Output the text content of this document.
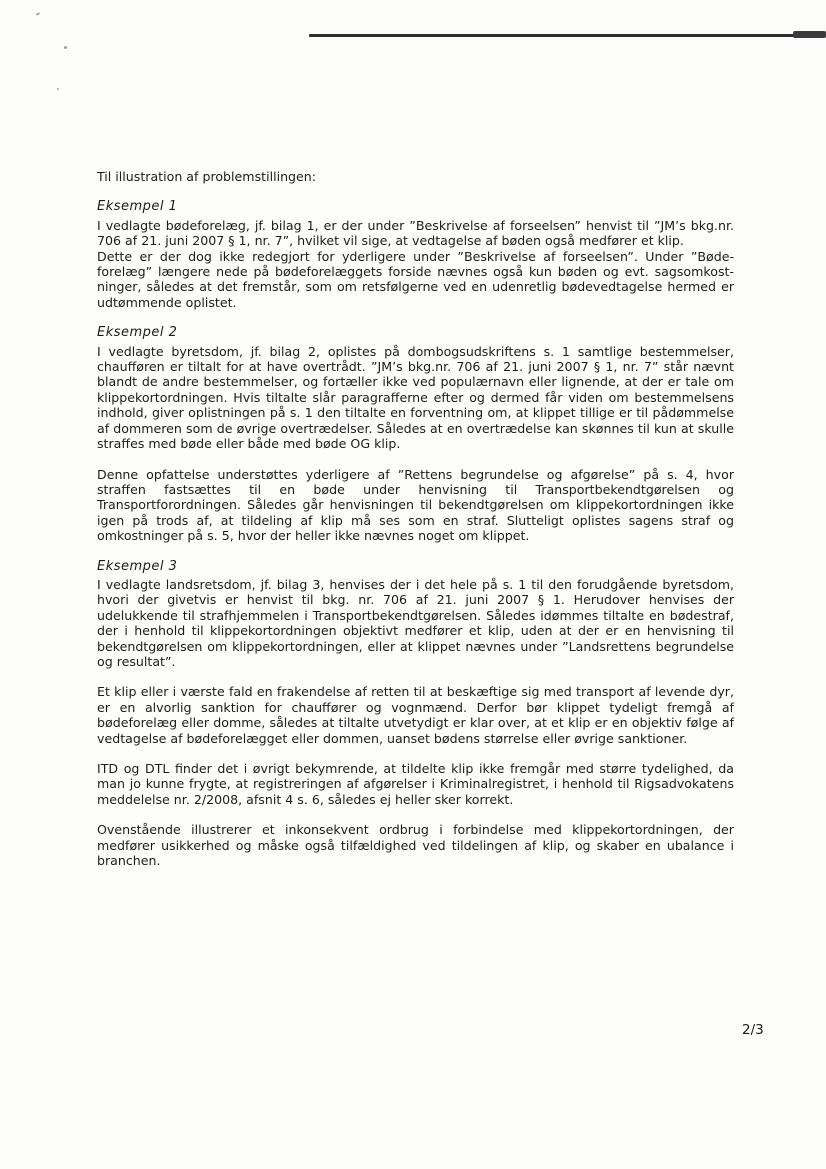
Til illustration af problemstillingen:

Eksempel 1

I vedlagte bødeforelæg, jf. bilag 1, er der under ”Beskrivelse af forseelsen” henvist til ”JM’s bkg.nr. 706 af 21. juni 2007 § 1, nr. 7”, hvilket vil sige, at vedtagelse af bøden også medfører et klip.

Dette er der dog ikke redegjort for yderligere under ”Beskrivelse af forseelsen”. Under ”Bøde-forelæg” længere nede på bødeforelæggets forside nævnes også kun bøden og evt. sagsomkost-ninger, således at det fremstår, som om retsfølgerne ved en udenretlig bødevedtagelse hermed er udtømmende oplistet.

Eksempel 2

I vedlagte byretsdom, jf. bilag 2, oplistes på dombogsudskriftens s. 1 samtlige bestemmelser, chaufføren er tiltalt for at have overtrådt. ”JM’s bkg.nr. 706 af 21. juni 2007 § 1, nr. 7” står nævnt blandt de andre bestemmelser, og fortæller ikke ved populærnavn eller lignende, at der er tale om klippekortordningen. Hvis tiltalte slår paragrafferne efter og dermed får viden om bestemmelsens indhold, giver oplistningen på s. 1 den tiltalte en forventning om, at klippet tillige er til pådømmelse af dommeren som de øvrige overtrædelser. Således at en overtrædelse kan skønnes til kun at skulle straffes med bøde eller både med bøde OG klip.

Denne opfattelse understøttes yderligere af ”Rettens begrundelse og afgørelse” på s. 4, hvor straffen fastsættes til en bøde under henvisning til Transportbekendtgørelsen og Transportforordningen. Således går henvisningen til bekendtgørelsen om klippekortordningen ikke igen på trods af, at tildeling af klip må ses som en straf. Slutteligt oplistes sagens straf og omkostninger på s. 5, hvor der heller ikke nævnes noget om klippet.

Eksempel 3

I vedlagte landsretsdom, jf. bilag 3, henvises der i det hele på s. 1 til den forudgående byretsdom, hvori der givetvis er henvist til bkg. nr. 706 af 21. juni 2007 § 1. Herudover henvises der udelukkende til strafhjemmelen i Transportbekendtgørelsen. Således idømmes tiltalte en bødestraf, der i henhold til klippekortordningen objektivt medfører et klip, uden at der er en henvisning til bekendtgørelsen om klippekortordningen, eller at klippet nævnes under ”Landsrettens begrundelse og resultat”.

Et klip eller i værste fald en frakendelse af retten til at beskæftige sig med transport af levende dyr, er en alvorlig sanktion for chauffører og vognmænd. Derfor bør klippet tydeligt fremgå af bødeforelæg eller domme, således at tiltalte utvetydigt er klar over, at et klip er en objektiv følge af vedtagelse af bødeforelægget eller dommen, uanset bødens størrelse eller øvrige sanktioner.

ITD og DTL finder det i øvrigt bekymrende, at tildelte klip ikke fremgår med større tydelighed, da man jo kunne frygte, at registreringen af afgørelser i Kriminalregistret, i henhold til Rigsadvokatens meddelelse nr. 2/2008, afsnit 4 s. 6, således ej heller sker korrekt.

Ovenstående illustrerer et inkonsekvent ordbrug i forbindelse med klippekortordningen, der medfører usikkerhed og måske også tilfældighed ved tildelingen af klip, og skaber en ubalance i branchen.

2/3
